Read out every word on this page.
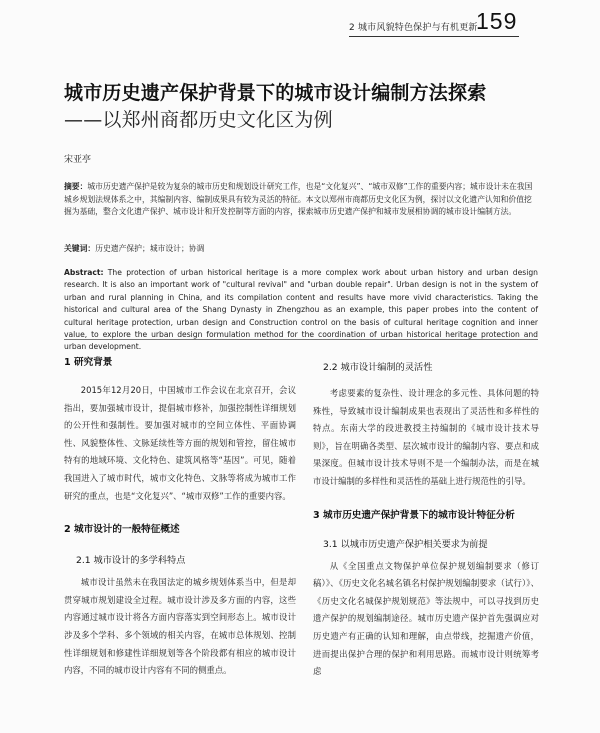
2 城市风貌特色保护与有机更新
159
城市历史遗产保护背景下的城市设计编制方法探索
——以郑州商都历史文化区为例
宋亚亭

摘要：城市历史遗产保护是较为复杂的城市历史和规划设计研究工作，也是“文化复兴”、“城市双修”工作的重要内容；城市设计未在我国城乡规划法规体系之中，其编制内容、编制成果具有较为灵活的特征。本文以郑州市商都历史文化区为例，探讨以文化遗产认知和价值挖掘为基础，整合文化遗产保护、城市设计和开发控制等方面的内容，探索城市历史遗产保护和城市发展相协调的城市设计编制方法。

关键词：历史遗产保护；城市设计；协调

Abstract: The protection of urban historical heritage is a more complex work about urban history and urban design research. It is also an important work of "cultural revival" and "urban double repair". Urban design is not in the system of urban and rural planning in China, and its compilation content and results have more vivid characteristics. Taking the historical and cultural area of the Shang Dynasty in Zhengzhou as an example, this paper probes into the content of cultural heritage protection, urban design and Construction control on the basis of cultural heritage cognition and inner value, to explore the urban design formulation method for the coordination of urban historical heritage protection and urban development.

1 研究背景

2015年12月20日，中国城市工作会议在北京召开，会议指出，要加强城市设计，提倡城市修补，加强控制性详细规划的公开性和强制性。要加强对城市的空间立体性、平面协调性、风貌整体性、文脉延续性等方面的规划和管控，留住城市特有的地域环境、文化特色、建筑风格等“基因”。可见，随着我国进入了城市时代，城市文化特色、文脉等将成为城市工作研究的重点，也是“文化复兴”、“城市双修”工作的重要内容。

2 城市设计的一般特征概述

2.1 城市设计的多学科特点

城市设计虽然未在我国法定的城乡规划体系当中，但是却贯穿城市规划建设全过程。城市设计涉及多方面的内容，这些内容通过城市设计将各方面内容落实到空间形态上。城市设计涉及多个学科、多个领域的相关内容，在城市总体规划、控制性详细规划和修建性详细规划等各个阶段都有相应的城市设计内容，不同的城市设计内容有不同的侧重点。

2.2 城市设计编制的灵活性

考虑要素的复杂性、设计理念的多元性、具体问题的特殊性，导致城市设计编制成果也表现出了灵活性和多样性的特点。东南大学的段进教授主持编制的《城市设计技术导则》，旨在明确各类型、层次城市设计的编制内容、要点和成果深度。但城市设计技术导则不是一个编制办法，而是在城市设计编制的多样性和灵活性的基础上进行规范性的引导。

3 城市历史遗产保护背景下的城市设计特征分析

3.1 以城市历史遗产保护相关要求为前提

从《全国重点文物保护单位保护规划编制要求（修订稿）》、《历史文化名城名镇名村保护规划编制要求（试行）》、《历史文化名城保护规划规范》等法规中，可以寻找到历史遗产保护的规划编制途径。城市历史遗产保护首先强调应对历史遗产有正确的认知和理解，由点带线，挖掘遗产价值，进而提出保护合理的保护和利用思路。而城市设计则统筹考虑
